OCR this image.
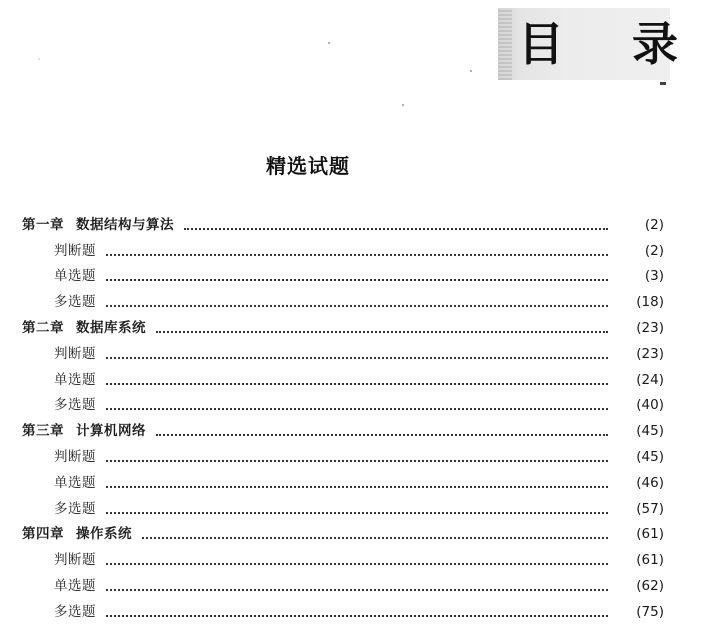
目 录
精选试题
第一章 数据结构与算法	(2)
判断题	(2)
单选题	(3)
多选题	(18)
第二章 数据库系统	(23)
判断题	(23)
单选题	(24)
多选题	(40)
第三章 计算机网络	(45)
判断题	(45)
单选题	(46)
多选题	(57)
第四章 操作系统	(61)
判断题	(61)
单选题	(62)
多选题	(75)
